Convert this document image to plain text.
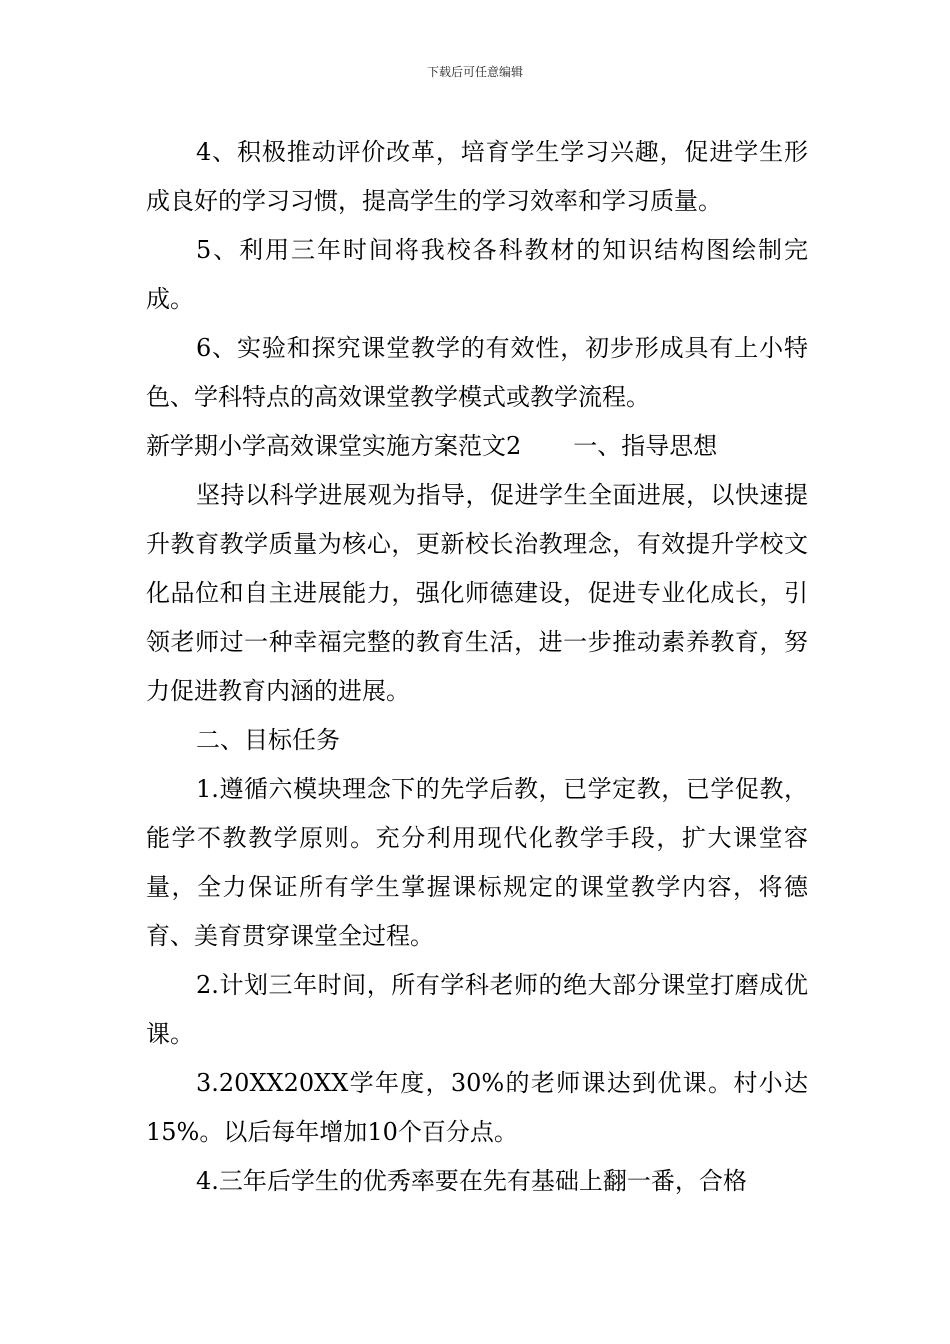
下载后可任意编辑

4、积极推动评价改革，培育学生学习兴趣，促进学生形成良好的学习习惯，提高学生的学习效率和学习质量。

5、利用三年时间将我校各科教材的知识结构图绘制完成。

6、实验和探究课堂教学的有效性，初步形成具有上小特色、学科特点的高效课堂教学模式或教学流程。

新学期小学高效课堂实施方案范文2 一、指导思想

坚持以科学进展观为指导，促进学生全面进展，以快速提升教育教学质量为核心，更新校长治教理念，有效提升学校文化品位和自主进展能力，强化师德建设，促进专业化成长，引领老师过一种幸福完整的教育生活，进一步推动素养教育，努力促进教育内涵的进展。

二、目标任务

1.遵循六模块理念下的先学后教，已学定教，已学促教，能学不教教学原则。充分利用现代化教学手段，扩大课堂容量，全力保证所有学生掌握课标规定的课堂教学内容，将德育、美育贯穿课堂全过程。

2.计划三年时间，所有学科老师的绝大部分课堂打磨成优课。

3.20XX20XX学年度，30%的老师课达到优课。村小达15%。以后每年增加10个百分点。

4.三年后学生的优秀率要在先有基础上翻一番，合格
